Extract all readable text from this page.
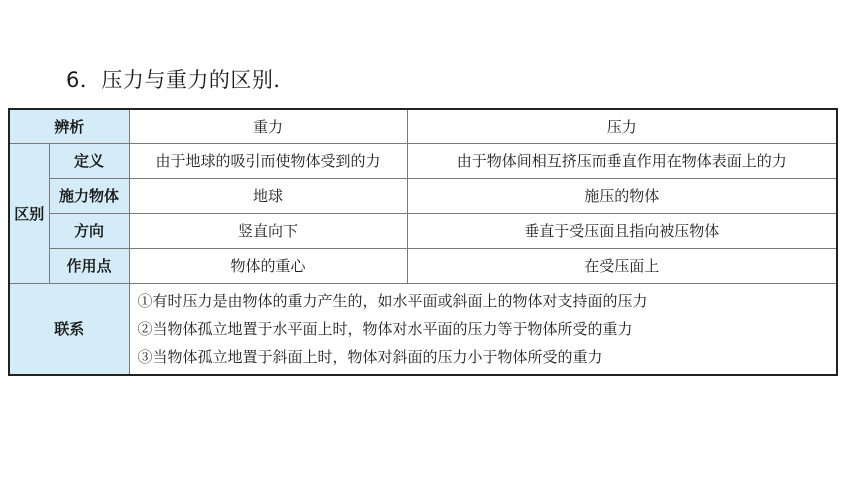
6．压力与重力的区别．
辨析		重力	压力
区别	定义	由于地球的吸引而使物体受到的力	由于物体间相互挤压而垂直作用在物体表面上的力
	施力物体	地球	施压的物体
	方向	竖直向下	垂直于受压面且指向被压物体
	作用点	物体的重心	在受压面上
联系		①有时压力是由物体的重力产生的，如水平面或斜面上的物体对支持面的压力
②当物体孤立地置于水平面上时，物体对水平面的压力等于物体所受的重力
③当物体孤立地置于斜面上时，物体对斜面的压力小于物体所受的重力	
